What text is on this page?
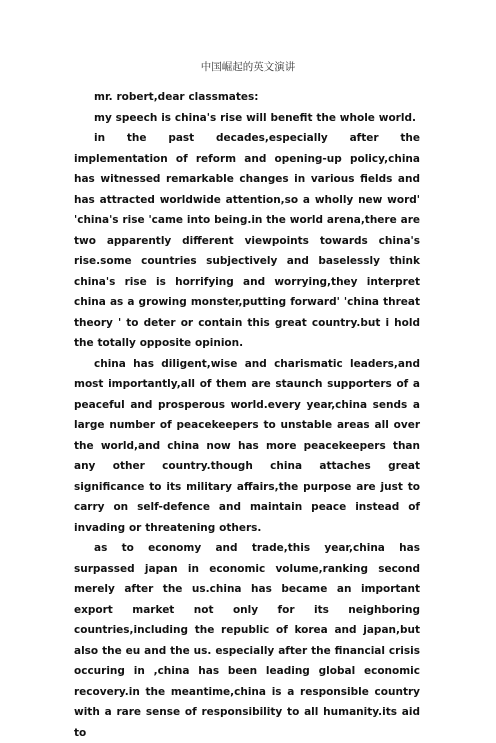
中国崛起的英文演讲

mr. robert,dear classmates:

my speech is china's rise will benefit the whole world.

in the past decades,especially after the implementation of reform and opening-up policy,china has witnessed remarkable changes in various fields and has attracted worldwide attention,so a wholly new word' 'china's rise 'came into being.in the world arena,there are two apparently different viewpoints towards china's rise.some countries subjectively and baselessly think china's rise is horrifying and worrying,they interpret china as a growing monster,putting forward' 'china threat theory ' to deter or contain this great country.but i hold the totally opposite opinion.

china has diligent,wise and charismatic leaders,and most importantly,all of them are staunch supporters of a peaceful and prosperous world.every year,china sends a large number of peacekeepers to unstable areas all over the world,and china now has more peacekeepers than any other country.though china attaches great significance to its military affairs,the purpose are just to carry on self-defence and maintain peace instead of invading or threatening others.

as to economy and trade,this year,china has surpassed japan in economic volume,ranking second merely after the us.china has became an important export market not only for its neighboring countries,including the republic of korea and japan,but also the eu and the us. especially after the financial crisis occuring in ,china has been leading global economic recovery.in the meantime,china is a responsible country with a rare sense of responsibility to all humanity.its aid to
